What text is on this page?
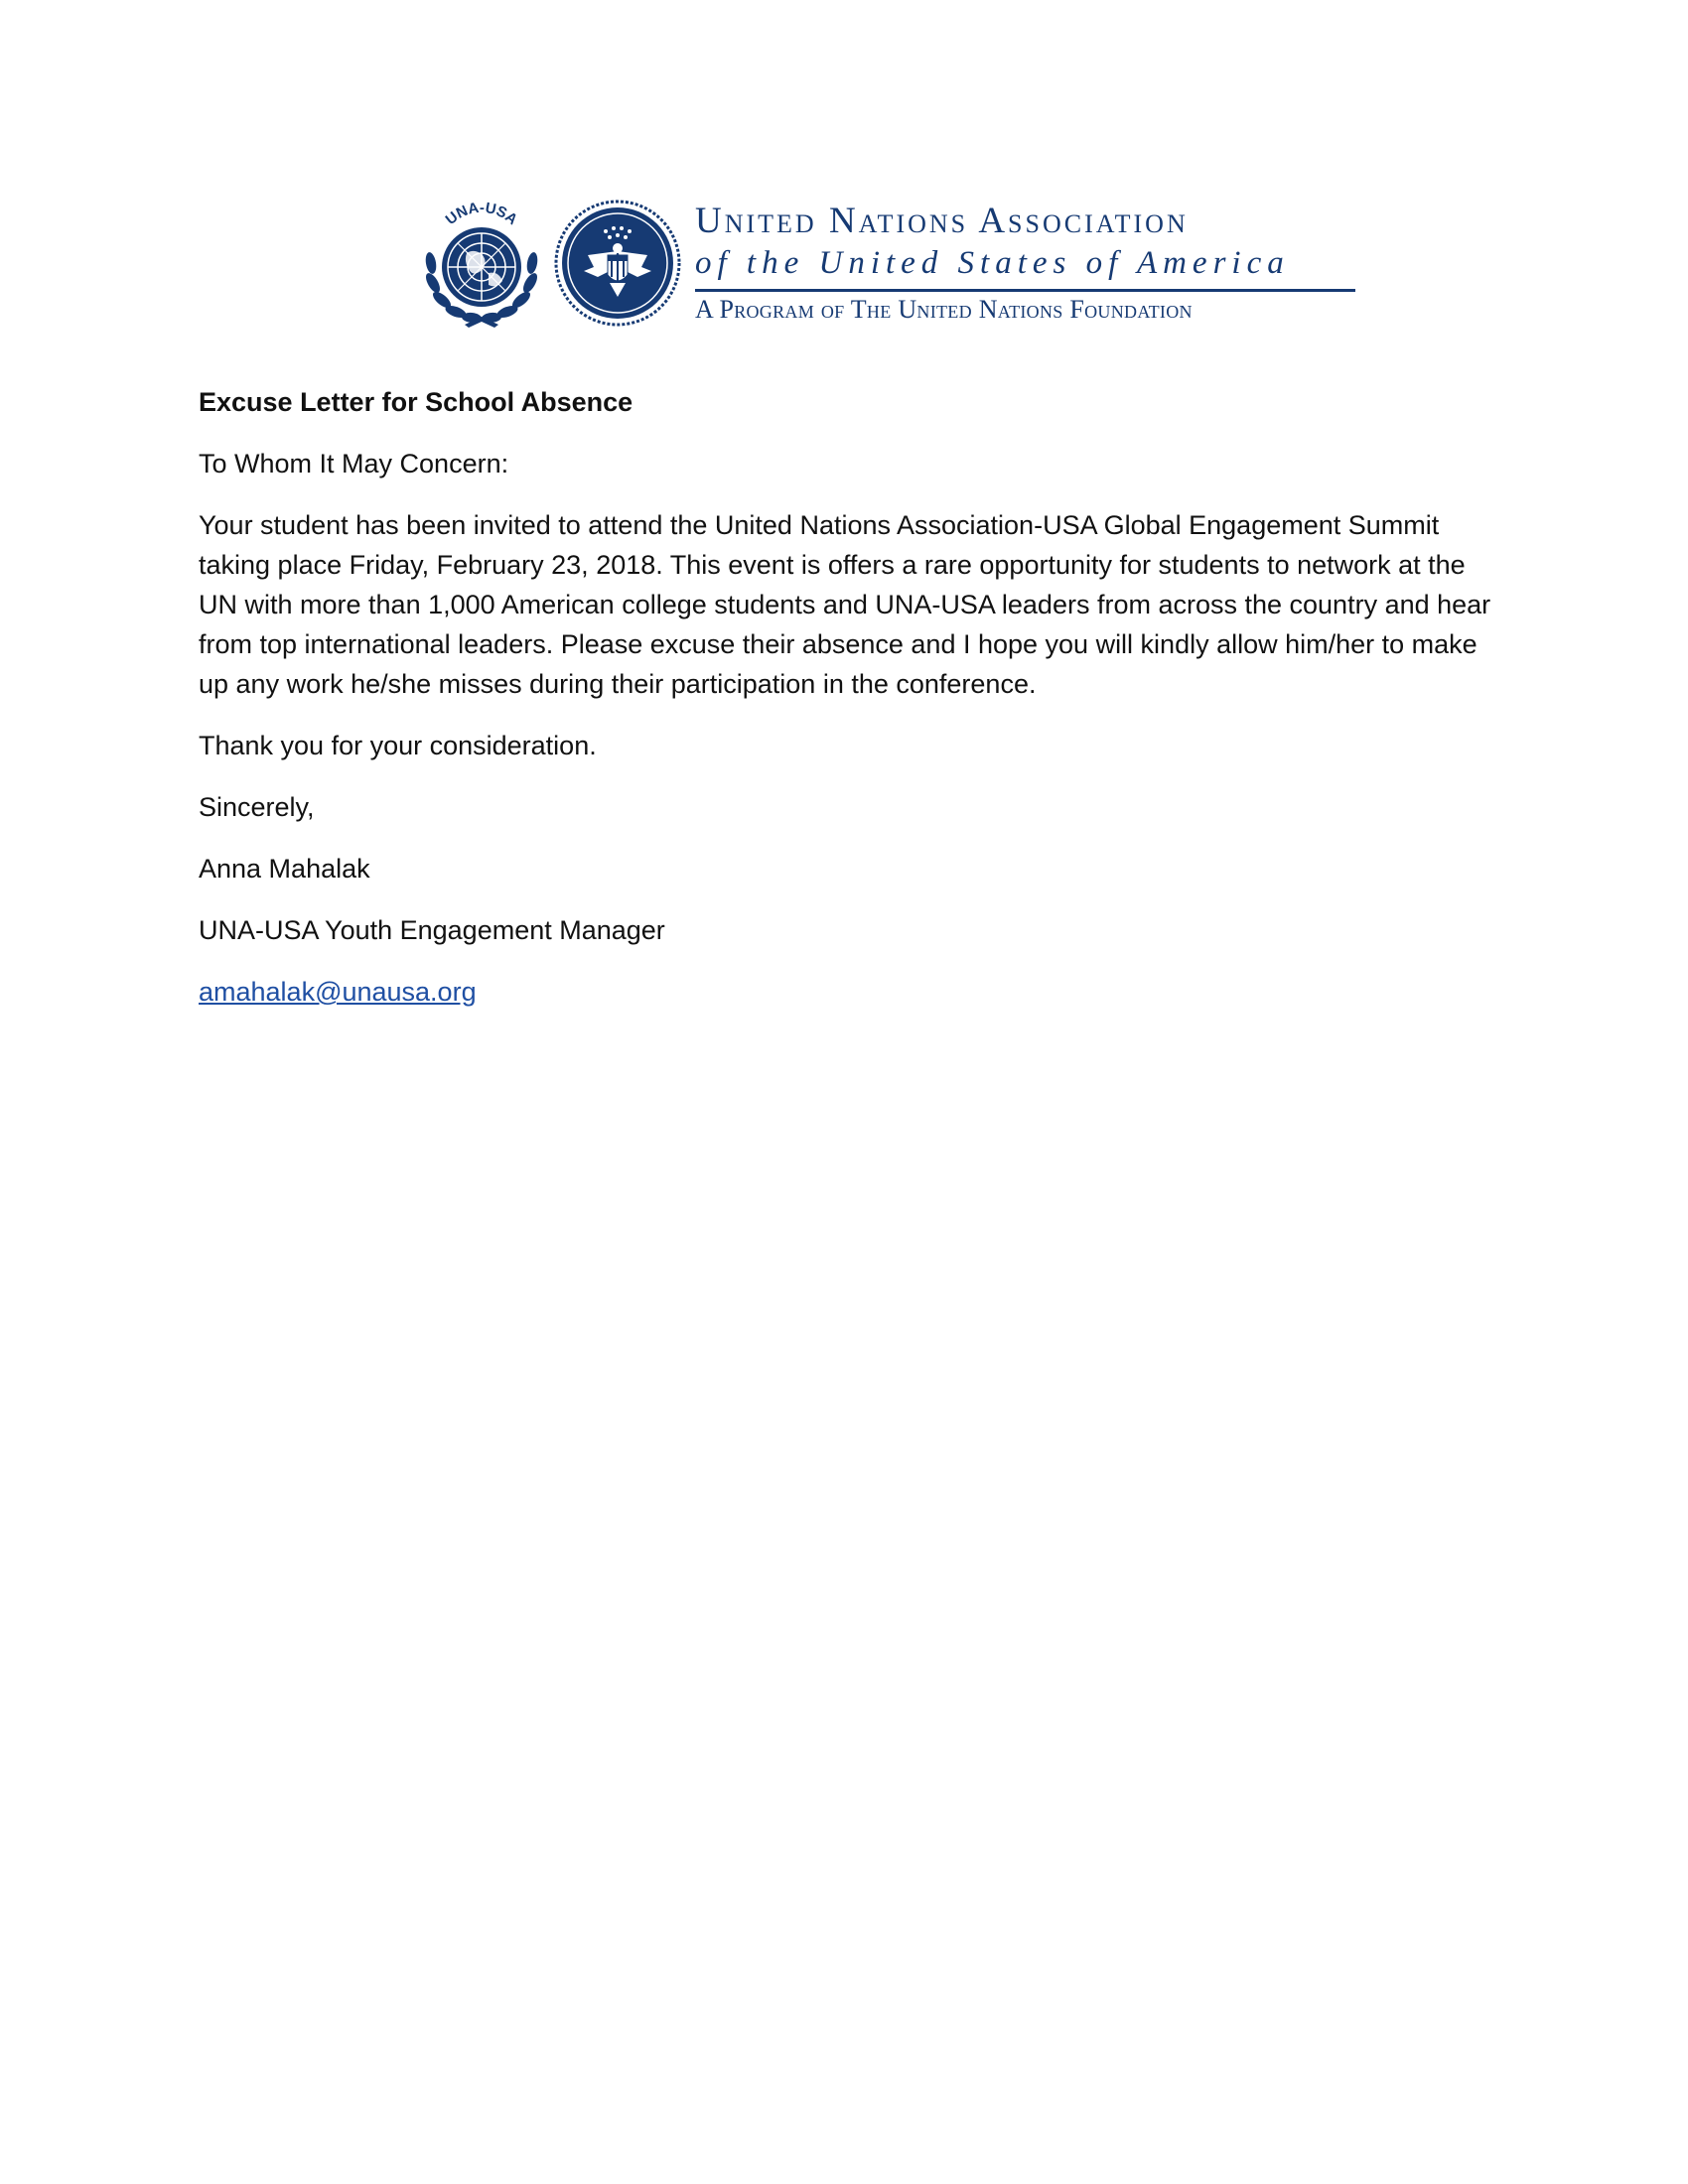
UNA-USA	United Nations Association
of the United States of America
A Program of The United Nations Foundation

Excuse Letter for School Absence

To Whom It May Concern:

Your student has been invited to attend the United Nations Association-USA Global Engagement Summit taking place Friday, February 23, 2018. This event is offers a rare opportunity for students to network at the UN with more than 1,000 American college students and UNA-USA leaders from across the country and hear from top international leaders. Please excuse their absence and I hope you will kindly allow him/her to make up any work he/she misses during their participation in the conference.

Thank you for your consideration.

Sincerely,

Anna Mahalak

UNA-USA Youth Engagement Manager

amahalak@unausa.org
